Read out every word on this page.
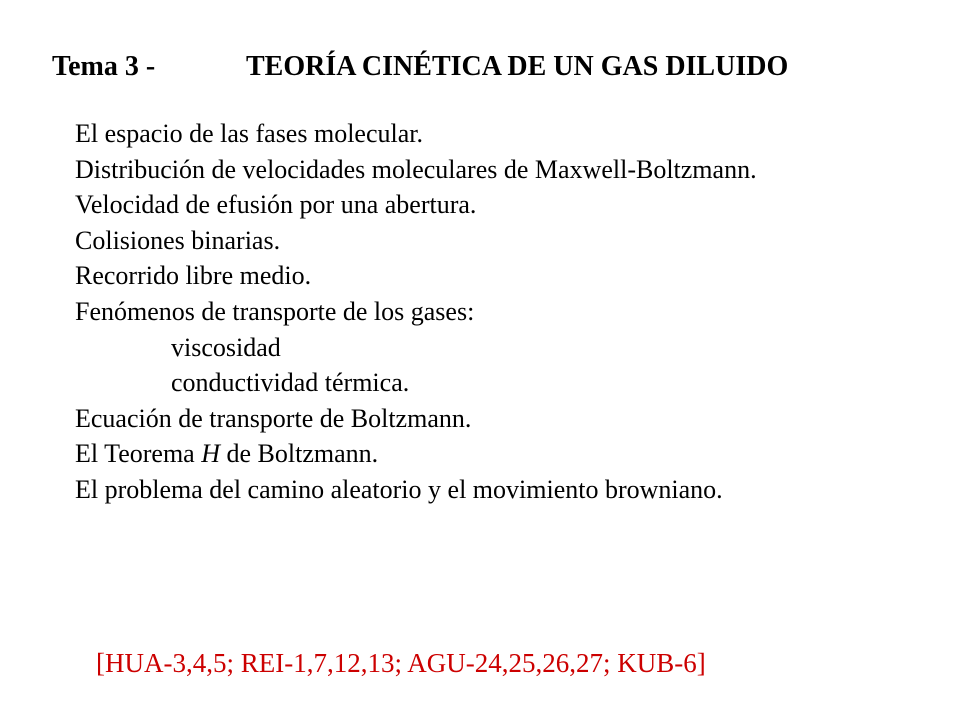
Tema 3 -	TEORÍA CINÉTICA DE UN GAS DILUIDO
El espacio de las fases molecular.
Distribución de velocidades moleculares de Maxwell-Boltzmann.
Velocidad de efusión por una abertura.
Colisiones binarias.
Recorrido libre medio.
Fenómenos de transporte de los gases:
viscosidad
conductividad térmica.
Ecuación de transporte de Boltzmann.
El Teorema H de Boltzmann.
El problema del camino aleatorio y el movimiento browniano.
[HUA-3,4,5; REI-1,7,12,13; AGU-24,25,26,27; KUB-6]
